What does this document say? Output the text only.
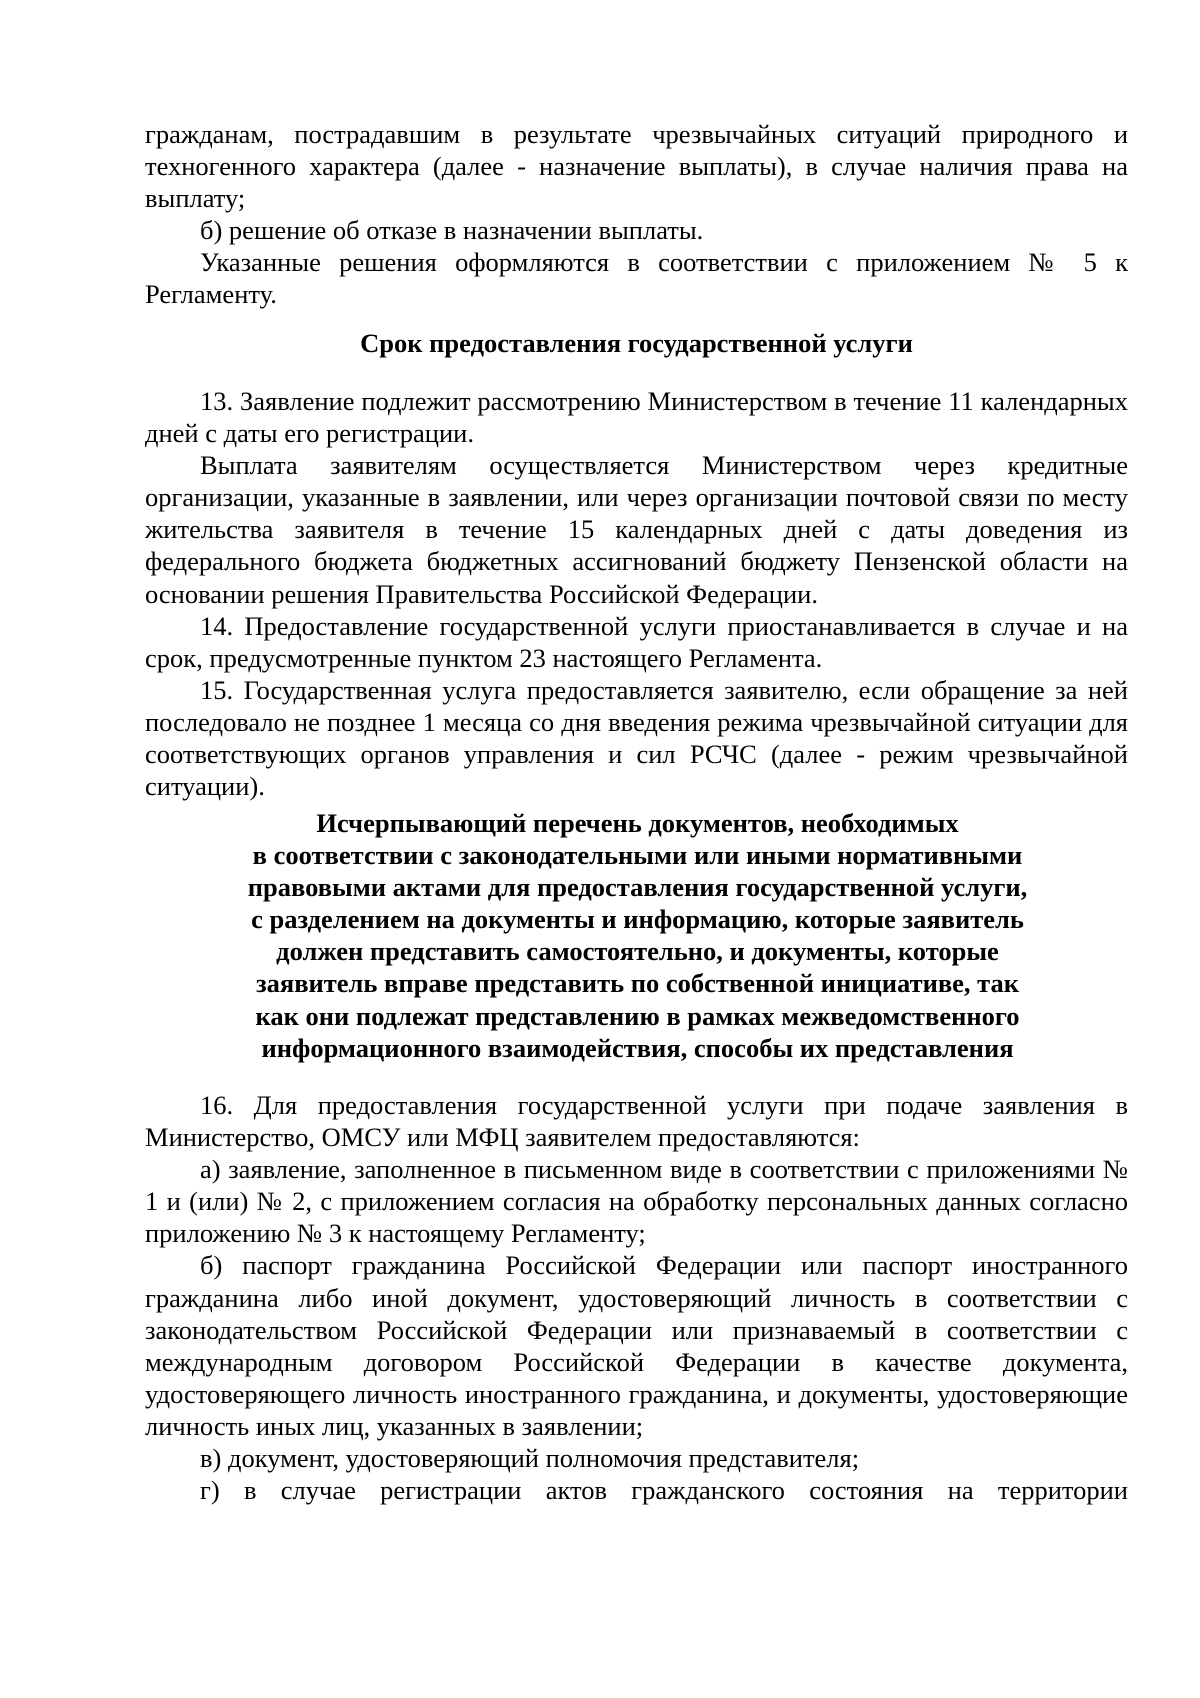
гражданам, пострадавшим в результате чрезвычайных ситуаций природного и техногенного характера (далее - назначение выплаты), в случае наличия права на выплату;

б) решение об отказе в назначении выплаты.

Указанные решения оформляются в соответствии с приложением № 5 к Регламенту.

Срок предоставления государственной услуги

13. Заявление подлежит рассмотрению Министерством в течение 11 календарных дней с даты его регистрации.

Выплата заявителям осуществляется Министерством через кредитные организации, указанные в заявлении, или через организации почтовой связи по месту жительства заявителя в течение 15 календарных дней с даты доведения из федерального бюджета бюджетных ассигнований бюджету Пензенской области на основании решения Правительства Российской Федерации.

14. Предоставление государственной услуги приостанавливается в случае и на срок, предусмотренные пунктом 23 настоящего Регламента.

15. Государственная услуга предоставляется заявителю, если обращение за ней последовало не позднее 1 месяца со дня введения режима чрезвычайной ситуации для соответствующих органов управления и сил РСЧС (далее - режим чрезвычайной ситуации).

Исчерпывающий перечень документов, необходимых
в соответствии с законодательными или иными нормативными
правовыми актами для предоставления государственной услуги,
с разделением на документы и информацию, которые заявитель
должен представить самостоятельно, и документы, которые
заявитель вправе представить по собственной инициативе, так
как они подлежат представлению в рамках межведомственного
информационного взаимодействия, способы их представления

16. Для предоставления государственной услуги при подаче заявления в Министерство, ОМСУ или МФЦ заявителем предоставляются:

а) заявление, заполненное в письменном виде в соответствии с приложениями № 1 и (или) № 2, с приложением согласия на обработку персональных данных согласно приложению № 3 к настоящему Регламенту;

б) паспорт гражданина Российской Федерации или паспорт иностранного гражданина либо иной документ, удостоверяющий личность в соответствии с законодательством Российской Федерации или признаваемый в соответствии с международным договором Российской Федерации в качестве документа, удостоверяющего личность иностранного гражданина, и документы, удостоверяющие личность иных лиц, указанных в заявлении;

в) документ, удостоверяющий полномочия представителя;

г) в случае регистрации актов гражданского состояния на территории
